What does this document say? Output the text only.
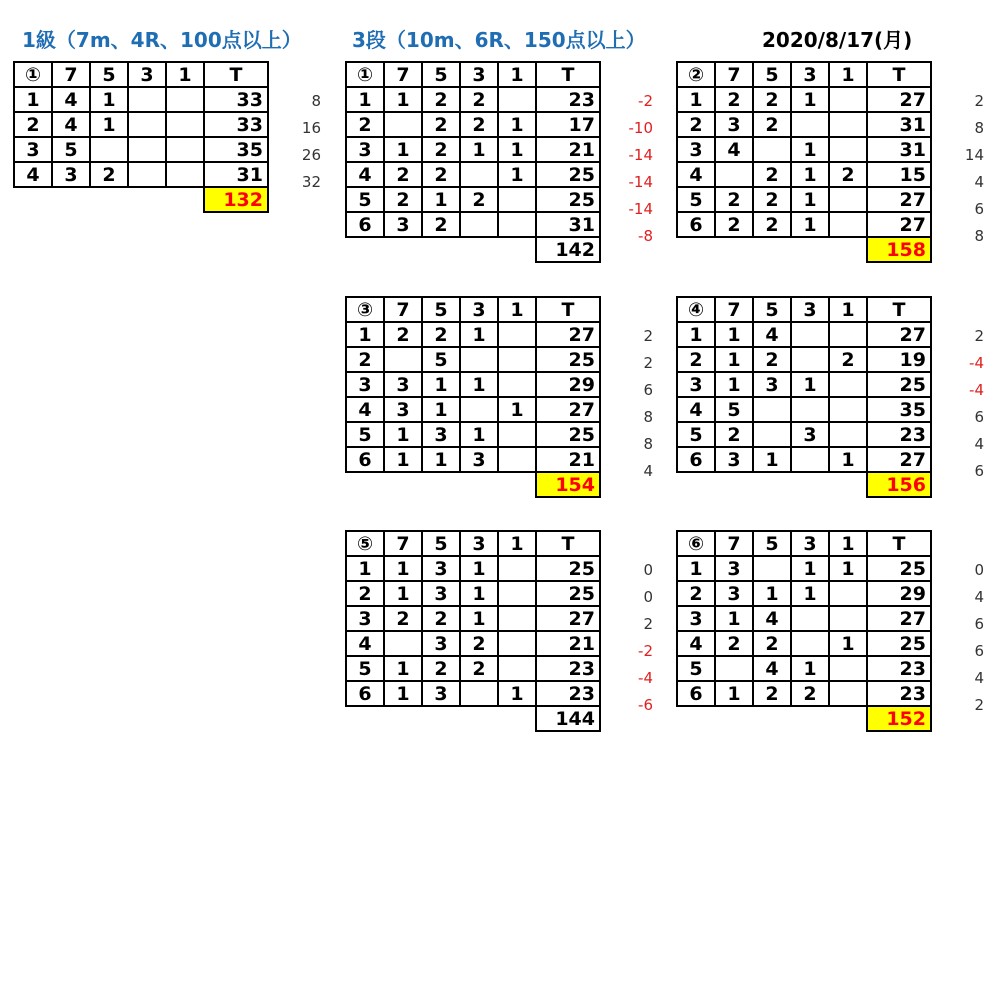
1級（7m、4R、100点以上）	3段（10m、6R、150点以上）	2020/8/17(月)
①	7	5	3	1	T
1	4	1			33
2	4	1			33
3	5				35
4	3	2			31
					132
8
16
26
32
①	7	5	3	1	T
1	1	2	2		23
2		2	2	1	17
3	1	2	1	1	21
4	2	2		1	25
5	2	1	2		25
6	3	2			31
					142
-2
-10
-14
-14
-14
-8
②	7	5	3	1	T
1	2	2	1		27
2	3	2			31
3	4		1		31
4		2	1	2	15
5	2	2	1		27
6	2	2	1		27
					158
2
8
14
4
6
8
③	7	5	3	1	T
1	2	2	1		27
2		5			25
3	3	1	1		29
4	3	1		1	27
5	1	3	1		25
6	1	1	3		21
					154
2
2
6
8
8
4
④	7	5	3	1	T
1	1	4			27
2	1	2		2	19
3	1	3	1		25
4	5				35
5	2		3		23
6	3	1		1	27
					156
2
-4
-4
6
4
6
⑤	7	5	3	1	T
1	1	3	1		25
2	1	3	1		25
3	2	2	1		27
4		3	2		21
5	1	2	2		23
6	1	3		1	23
					144
0
0
2
-2
-4
-6
⑥	7	5	3	1	T
1	3		1	1	25
2	3	1	1		29
3	1	4			27
4	2	2		1	25
5		4	1		23
6	1	2	2		23
					152
0
4
6
6
4
2
